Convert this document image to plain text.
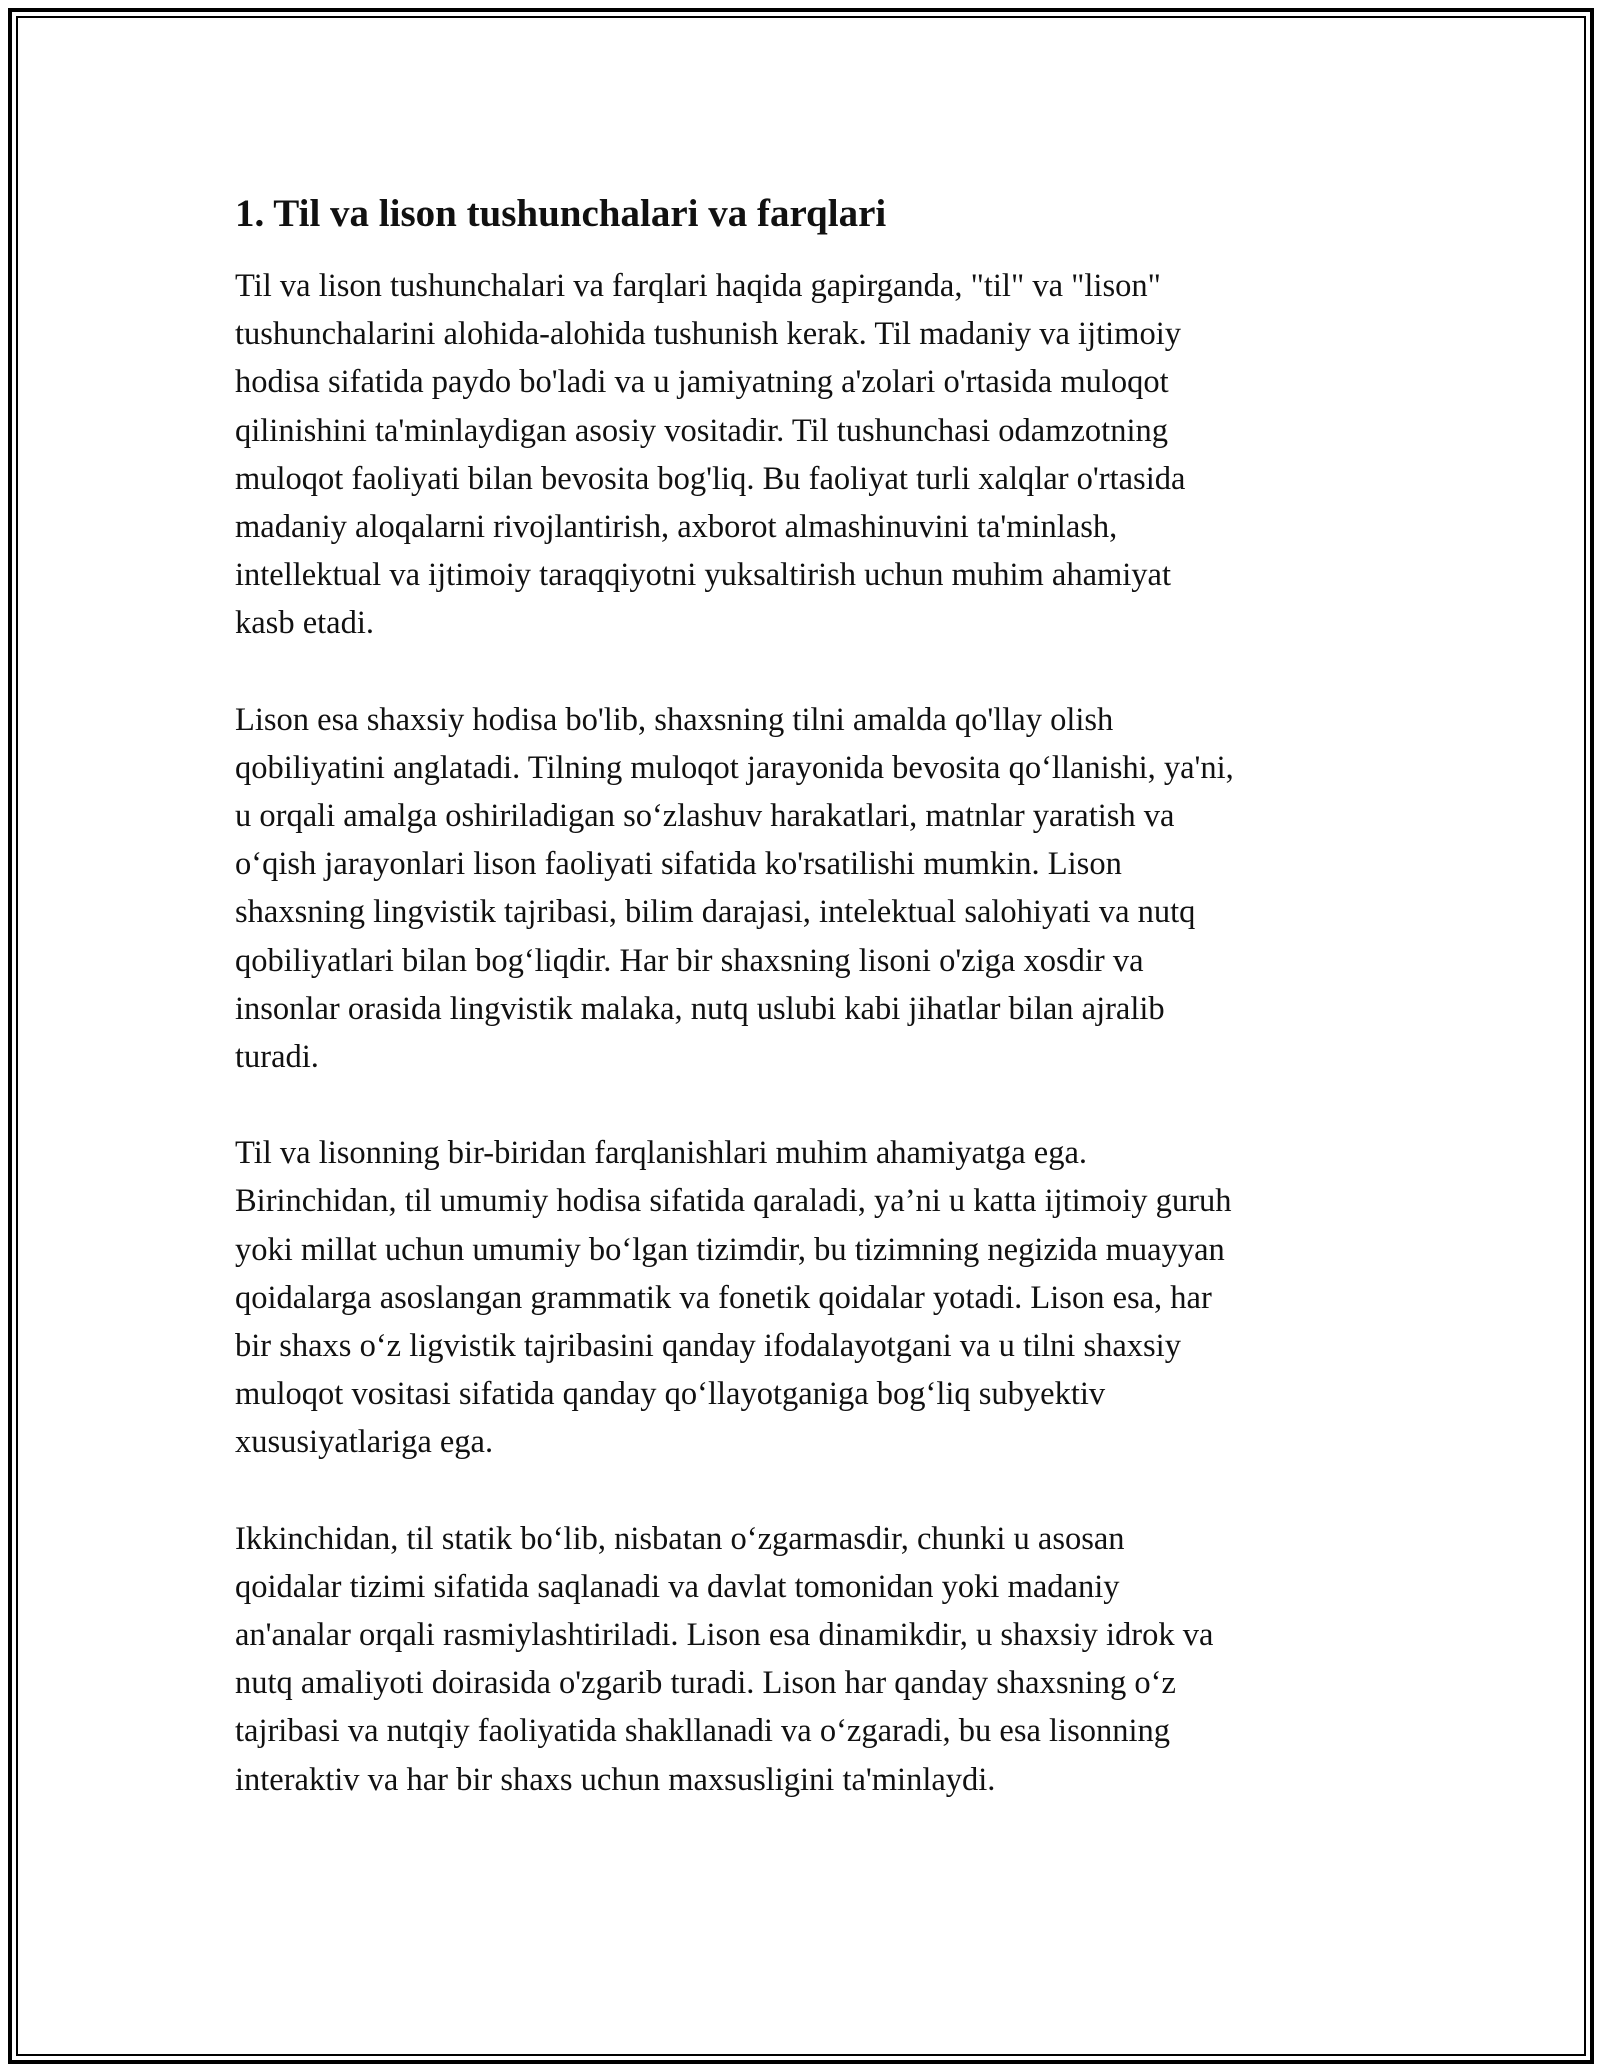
1. Til va lison tushunchalari va farqlari

Til va lison tushunchalari va farqlari haqida gapirganda, "til" va "lison"
tushunchalarini alohida-alohida tushunish kerak. Til madaniy va ijtimoiy
hodisa sifatida paydo bo'ladi va u jamiyatning a'zolari o'rtasida muloqot
qilinishini ta'minlaydigan asosiy vositadir. Til tushunchasi odamzotning
muloqot faoliyati bilan bevosita bog'liq. Bu faoliyat turli xalqlar o'rtasida
madaniy aloqalarni rivojlantirish, axborot almashinuvini ta'minlash,
intellektual va ijtimoiy taraqqiyotni yuksaltirish uchun muhim ahamiyat
kasb etadi.

Lison esa shaxsiy hodisa bo'lib, shaxsning tilni amalda qo'llay olish
qobiliyatini anglatadi. Tilning muloqot jarayonida bevosita qoʻllanishi, ya'ni,
u orqali amalga oshiriladigan soʻzlashuv harakatlari, matnlar yaratish va
oʻqish jarayonlari lison faoliyati sifatida ko'rsatilishi mumkin. Lison
shaxsning lingvistik tajribasi, bilim darajasi, intelektual salohiyati va nutq
qobiliyatlari bilan bogʻliqdir. Har bir shaxsning lisoni o'ziga xosdir va
insonlar orasida lingvistik malaka, nutq uslubi kabi jihatlar bilan ajralib
turadi.

Til va lisonning bir-biridan farqlanishlari muhim ahamiyatga ega.
Birinchidan, til umumiy hodisa sifatida qaraladi, ya’ni u katta ijtimoiy guruh
yoki millat uchun umumiy boʻlgan tizimdir, bu tizimning negizida muayyan
qoidalarga asoslangan grammatik va fonetik qoidalar yotadi. Lison esa, har
bir shaxs oʻz ligvistik tajribasini qanday ifodalayotgani va u tilni shaxsiy
muloqot vositasi sifatida qanday qoʻllayotganiga bogʻliq subyektiv
xususiyatlariga ega.

Ikkinchidan, til statik boʻlib, nisbatan oʻzgarmasdir, chunki u asosan
qoidalar tizimi sifatida saqlanadi va davlat tomonidan yoki madaniy
an'analar orqali rasmiylashtiriladi. Lison esa dinamikdir, u shaxsiy idrok va
nutq amaliyoti doirasida o'zgarib turadi. Lison har qanday shaxsning oʻz
tajribasi va nutqiy faoliyatida shakllanadi va oʻzgaradi, bu esa lisonning
interaktiv va har bir shaxs uchun maxsusligini ta'minlaydi.
